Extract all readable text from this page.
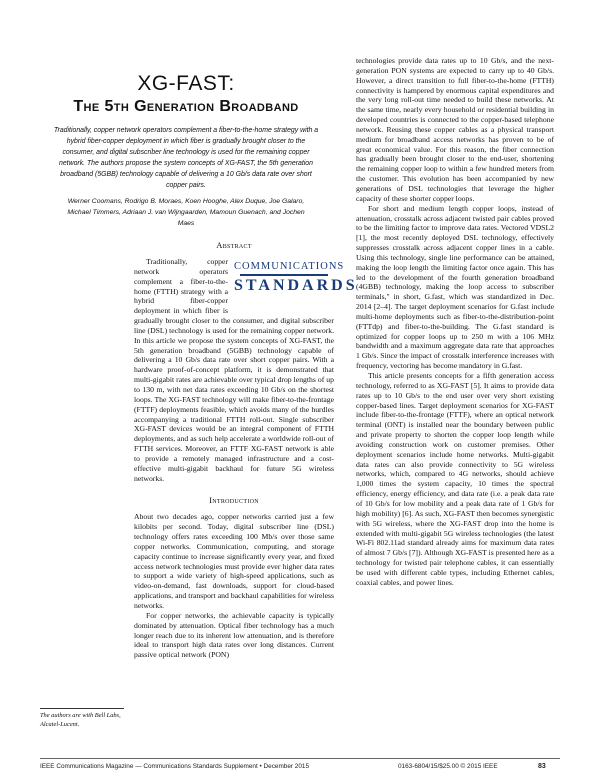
XG-FAST:
The 5th Generation Broadband

Traditionally, copper network operators complement a fiber-to-the-home strategy with a hybrid fiber-copper deployment in which fiber is gradually brought closer to the consumer, and digital subscriber line technology is used for the remaining copper network. The authors propose the system concepts of XG-FAST, the 5th generation broadband (5GBB) technology capable of delivering a 10 Gb/s data rate over short copper pairs.

Werner Coomans, Rodrigo B. Moraes, Koen Hooghe, Alex Duque, Joe Galaro, Michael Timmers, Adriaan J. van Wijngaarden, Mamoun Guenach, and Jochen Maes

Abstract
COMMUNICATIONS
STANDARDS

Traditionally, copper network operators complement a fiber-to-the-home (FTTH) strategy with a hybrid fiber-copper deployment in which fiber is gradually brought closer to the consumer, and digital subscriber line (DSL) technology is used for the remaining copper network. In this article we propose the system concepts of XG-FAST, the 5th generation broadband (5GBB) technology capable of delivering a 10 Gb/s data rate over short copper pairs. With a hardware proof-of-concept platform, it is demonstrated that multi-gigabit rates are achievable over typical drop lengths of up to 130 m, with net data rates exceeding 10 Gb/s on the shortest loops. The XG-FAST technology will make fiber-to-the-frontage (FTTF) deployments feasible, which avoids many of the hurdles accompanying a traditional FTTH roll-out. Single subscriber XG-FAST devices would be an integral component of FTTH deployments, and as such help accelerate a worldwide roll-out of FTTH services. Moreover, an FTTF XG-FAST network is able to provide a remotely managed infrastructure and a cost-effective multi-gigabit backhaul for future 5G wireless networks.

Introduction

About two decades ago, copper networks carried just a few kilobits per second. Today, digital subscriber line (DSL) technology offers rates exceeding 100 Mb/s over those same copper networks. Communication, computing, and storage capacity continue to increase significantly every year, and fixed access network technologies must provide ever higher data rates to support a wide variety of high-speed applications, such as video-on-demand, fast downloads, support for cloud-based applications, and transport and backhaul capabilities for wireless networks.

For copper networks, the achievable capacity is typically dominated by attenuation. Optical fiber technology has a much longer reach due to its inherent low attenuation, and is therefore ideal to transport high data rates over long distances. Current passive optical network (PON)

technologies provide data rates up to 10 Gb/s, and the next-generation PON systems are expected to carry up to 40 Gb/s. However, a direct transition to full fiber-to-the-home (FTTH) connectivity is hampered by enormous capital expenditures and the very long roll-out time needed to build these networks. At the same time, nearly every household or residential building in developed countries is connected to the copper-based telephone network. Reusing these copper cables as a physical transport medium for broadband access networks has proven to be of great economical value. For this reason, the fiber connection has gradually been brought closer to the end-user, shortening the remaining copper loop to within a few hundred meters from the customer. This evolution has been accompanied by new generations of DSL technologies that leverage the higher capacity of these shorter copper loops.

For short and medium length copper loops, instead of attenuation, crosstalk across adjacent twisted pair cables proved to be the limiting factor to improve data rates. Vectored VDSL2 [1], the most recently deployed DSL technology, effectively suppresses crosstalk across adjacent copper lines in a cable. Using this technology, single line performance can be attained, making the loop length the limiting factor once again. This has led to the development of the fourth generation broadband (4GBB) technology, making the loop access to subscriber terminals," in short, G.fast, which was standardized in Dec. 2014 [2–4]. The target deployment scenarios for G.fast include multi-home deployments such as fiber-to-the-distribution-point (FTTdp) and fiber-to-the-building. The G.fast standard is optimized for copper loops up to 250 m with a 106 MHz bandwidth and a maximum aggregate data rate that approaches 1 Gb/s. Since the impact of crosstalk interference increases with frequency, vectoring has become mandatory in G.fast.

This article presents concepts for a fifth generation access technology, referred to as XG-FAST [5]. It aims to provide data rates up to 10 Gb/s to the end user over very short existing copper-based lines. Target deployment scenarios for XG-FAST include fiber-to-the-frontage (FTTF), where an optical network terminal (ONT) is installed near the boundary between public and private property to shorten the copper loop length while avoiding construction work on customer premises. Other deployment scenarios include home networks. Multi-gigabit data rates can also provide connectivity to 5G wireless networks, which, compared to 4G networks, should achieve 1,000 times the system capacity, 10 times the spectral efficiency, energy efficiency, and data rate (i.e. a peak data rate of 10 Gb/s for low mobility and a peak data rate of 1 Gb/s for high mobility) [6]. As such, XG-FAST then becomes synergistic with 5G wireless, where the XG-FAST drop into the home is extended with multi-gigabit 5G wireless technologies (the latest Wi-Fi 802.11ad standard already aims for maximum data rates of almost 7 Gb/s [7]). Although XG-FAST is presented here as a technology for twisted pair telephone cables, it can essentially be used with different cable types, including Ethernet cables, coaxial cables, and power lines.

The authors are with Bell Labs, Alcatel-Lucent.
IEEE Communications Magazine — Communications Standards Supplement • December 2015	0163-6804/15/$25.00 © 2015 IEEE	83
